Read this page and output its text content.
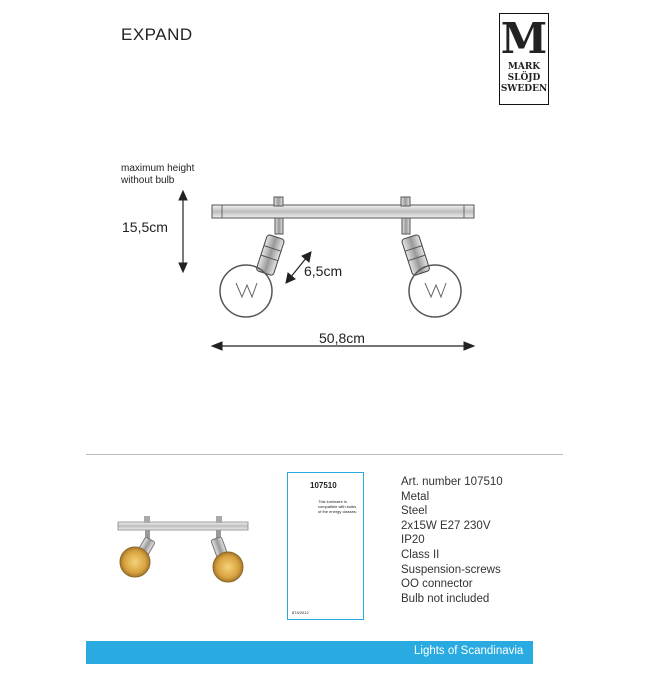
EXPAND	M
MARK
SLÖJD
SWEDEN
107510
This luminaire is compatible with bulbs of the energy classes:
874/2012
A++
A+
A
B
C
D
E
maximum height
without bulb
15,5cm
6,5cm
50,8cm
Art. number 107510
Metal
Steel
2x15W E27 230V
IP20
Class II
Suspension-screws
OO connector
Bulb not included
Lights of Scandinavia
